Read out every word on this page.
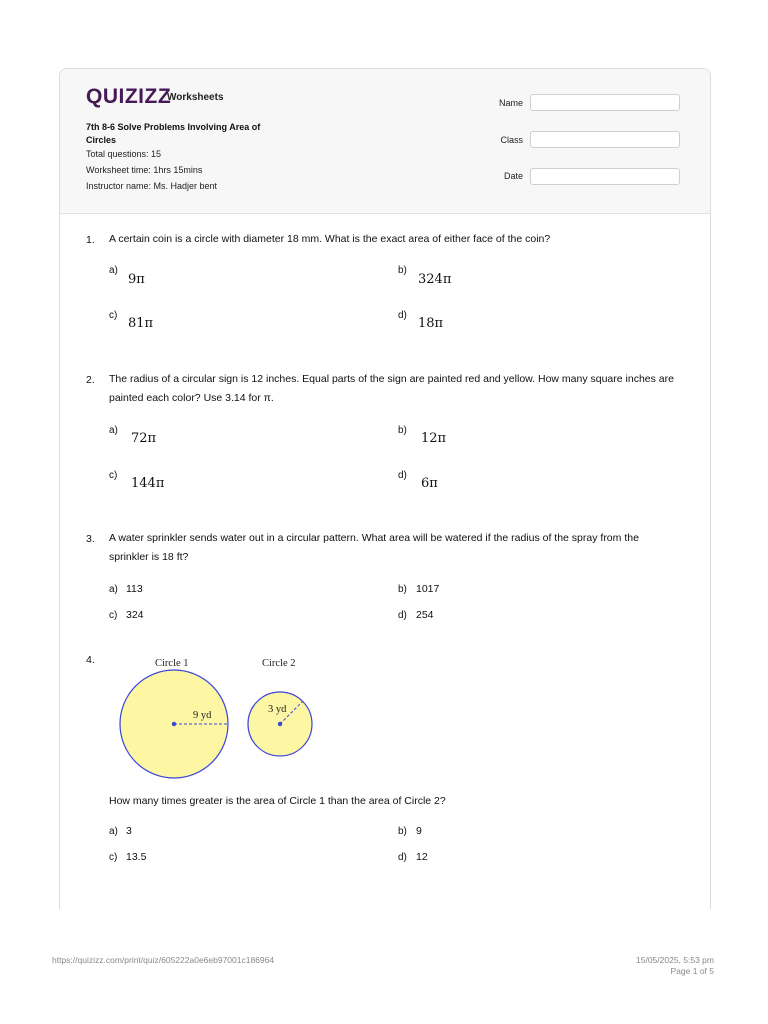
QUIZIZZ
Worksheets
7th 8-6 Solve Problems Involving Area of Circles
Total questions: 15
Worksheet time: 1hrs 15mins
Instructor name: Ms. Hadjer bent
Name
Class
Date
1. A certain coin is a circle with diameter 18 mm. What is the exact area of either face of the coin?
a)
9π
b)
324π
c)
81π
d)
18π
2. The radius of a circular sign is 12 inches. Equal parts of the sign are painted red and yellow. How many square inches are painted each color? Use 3.14 for π.
a)
72π
b)
12π
c)
144π
d)
6π
3. A water sprinkler sends water out in a circular pattern. What area will be watered if the radius of the spray from the sprinkler is 18 ft?
a) 113	b) 1017
c) 324	d) 254
4.	Circle 1	Circle 2
9 yd
3 yd
How many times greater is the area of Circle 1 than the area of Circle 2?
a) 3	b) 9
c) 13.5	d) 12
https://quizizz.com/print/quiz/605222a0e6eb97001c186964	15/05/2025, 5:53 pm
Page 1 of 5
